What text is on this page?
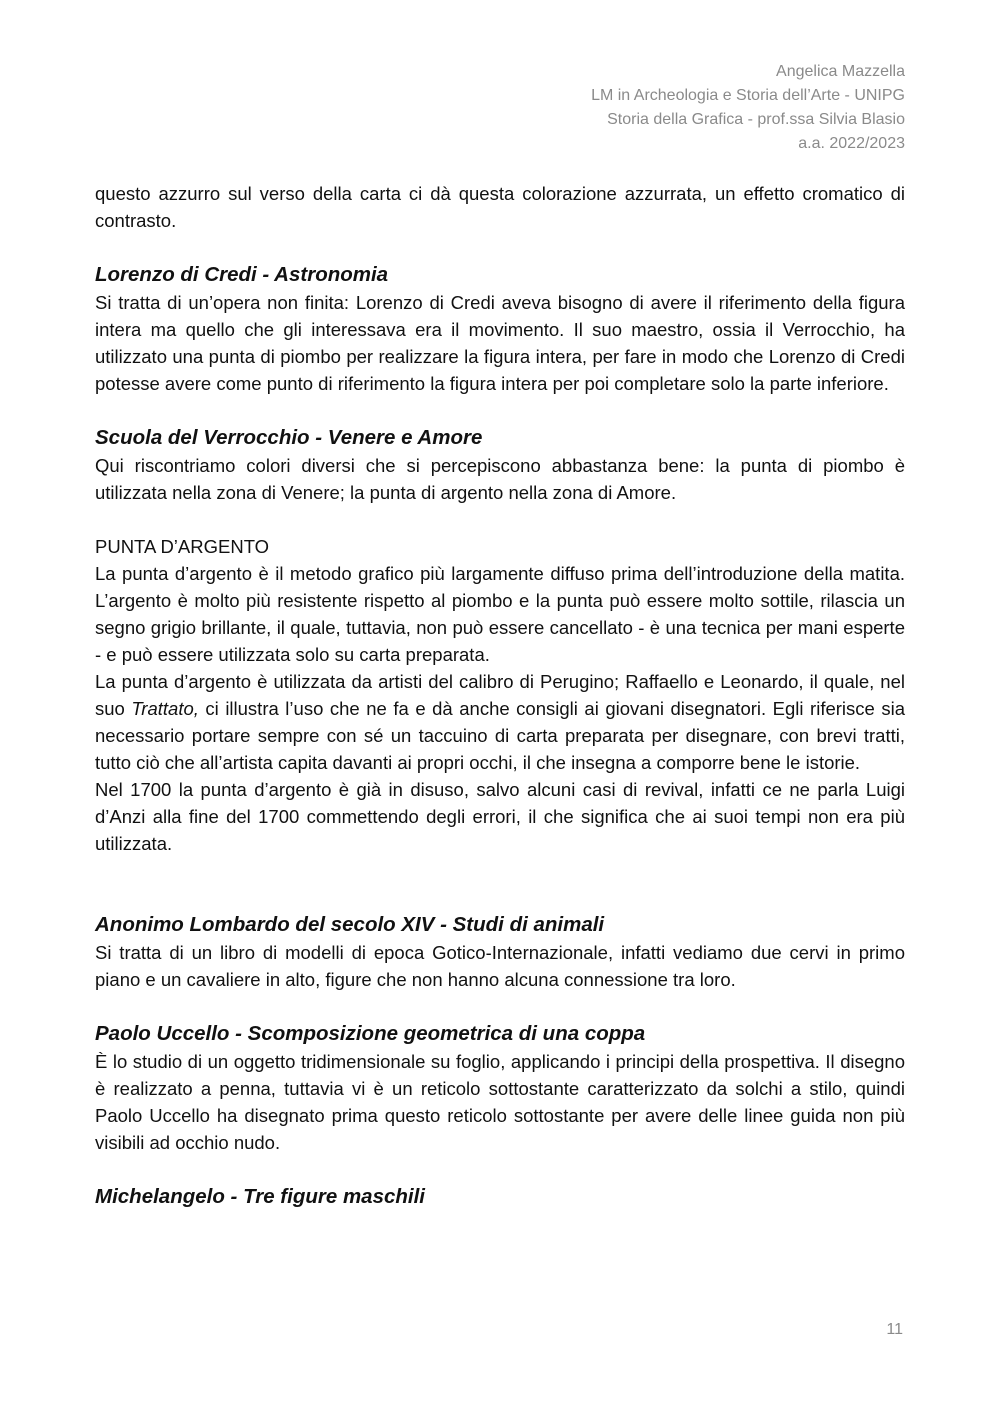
Angelica Mazzella
LM in Archeologia e Storia dell’Arte - UNIPG
Storia della Grafica - prof.ssa Silvia Blasio
a.a. 2022/2023

questo azzurro sul verso della carta ci dà questa colorazione azzurrata, un effetto cromatico di contrasto.

Lorenzo di Credi - Astronomia

Si tratta di un’opera non finita: Lorenzo di Credi aveva bisogno di avere il riferimento della figura intera ma quello che gli interessava era il movimento. Il suo maestro, ossia il Verrocchio, ha utilizzato una punta di piombo per realizzare la figura intera, per fare in modo che Lorenzo di Credi potesse avere come punto di riferimento la figura intera per poi completare solo la parte inferiore.

Scuola del Verrocchio - Venere e Amore

Qui riscontriamo colori diversi che si percepiscono abbastanza bene: la punta di piombo è utilizzata nella zona di Venere; la punta di argento nella zona di Amore.

PUNTA D’ARGENTO

La punta d’argento è il metodo grafico più largamente diffuso prima dell’introduzione della matita. L’argento è molto più resistente rispetto al piombo e la punta può essere molto sottile, rilascia un segno grigio brillante, il quale, tuttavia, non può essere cancellato - è una tecnica per mani esperte - e può essere utilizzata solo su carta preparata.

La punta d’argento è utilizzata da artisti del calibro di Perugino; Raffaello e Leonardo, il quale, nel suo Trattato, ci illustra l’uso che ne fa e dà anche consigli ai giovani disegnatori. Egli riferisce sia necessario portare sempre con sé un taccuino di carta preparata per disegnare, con brevi tratti, tutto ciò che all’artista capita davanti ai propri occhi, il che insegna a comporre bene le istorie.

Nel 1700 la punta d’argento è già in disuso, salvo alcuni casi di revival, infatti ce ne parla Luigi d’Anzi alla fine del 1700 commettendo degli errori, il che significa che ai suoi tempi non era più utilizzata.

Anonimo Lombardo del secolo XIV - Studi di animali

Si tratta di un libro di modelli di epoca Gotico-Internazionale, infatti vediamo due cervi in primo piano e un cavaliere in alto, figure che non hanno alcuna connessione tra loro.

Paolo Uccello - Scomposizione geometrica di una coppa

È lo studio di un oggetto tridimensionale su foglio, applicando i principi della prospettiva. Il disegno è realizzato a penna, tuttavia vi è un reticolo sottostante caratterizzato da solchi a stilo, quindi Paolo Uccello ha disegnato prima questo reticolo sottostante per avere delle linee guida non più visibili ad occhio nudo.

Michelangelo - Tre figure maschili
11
